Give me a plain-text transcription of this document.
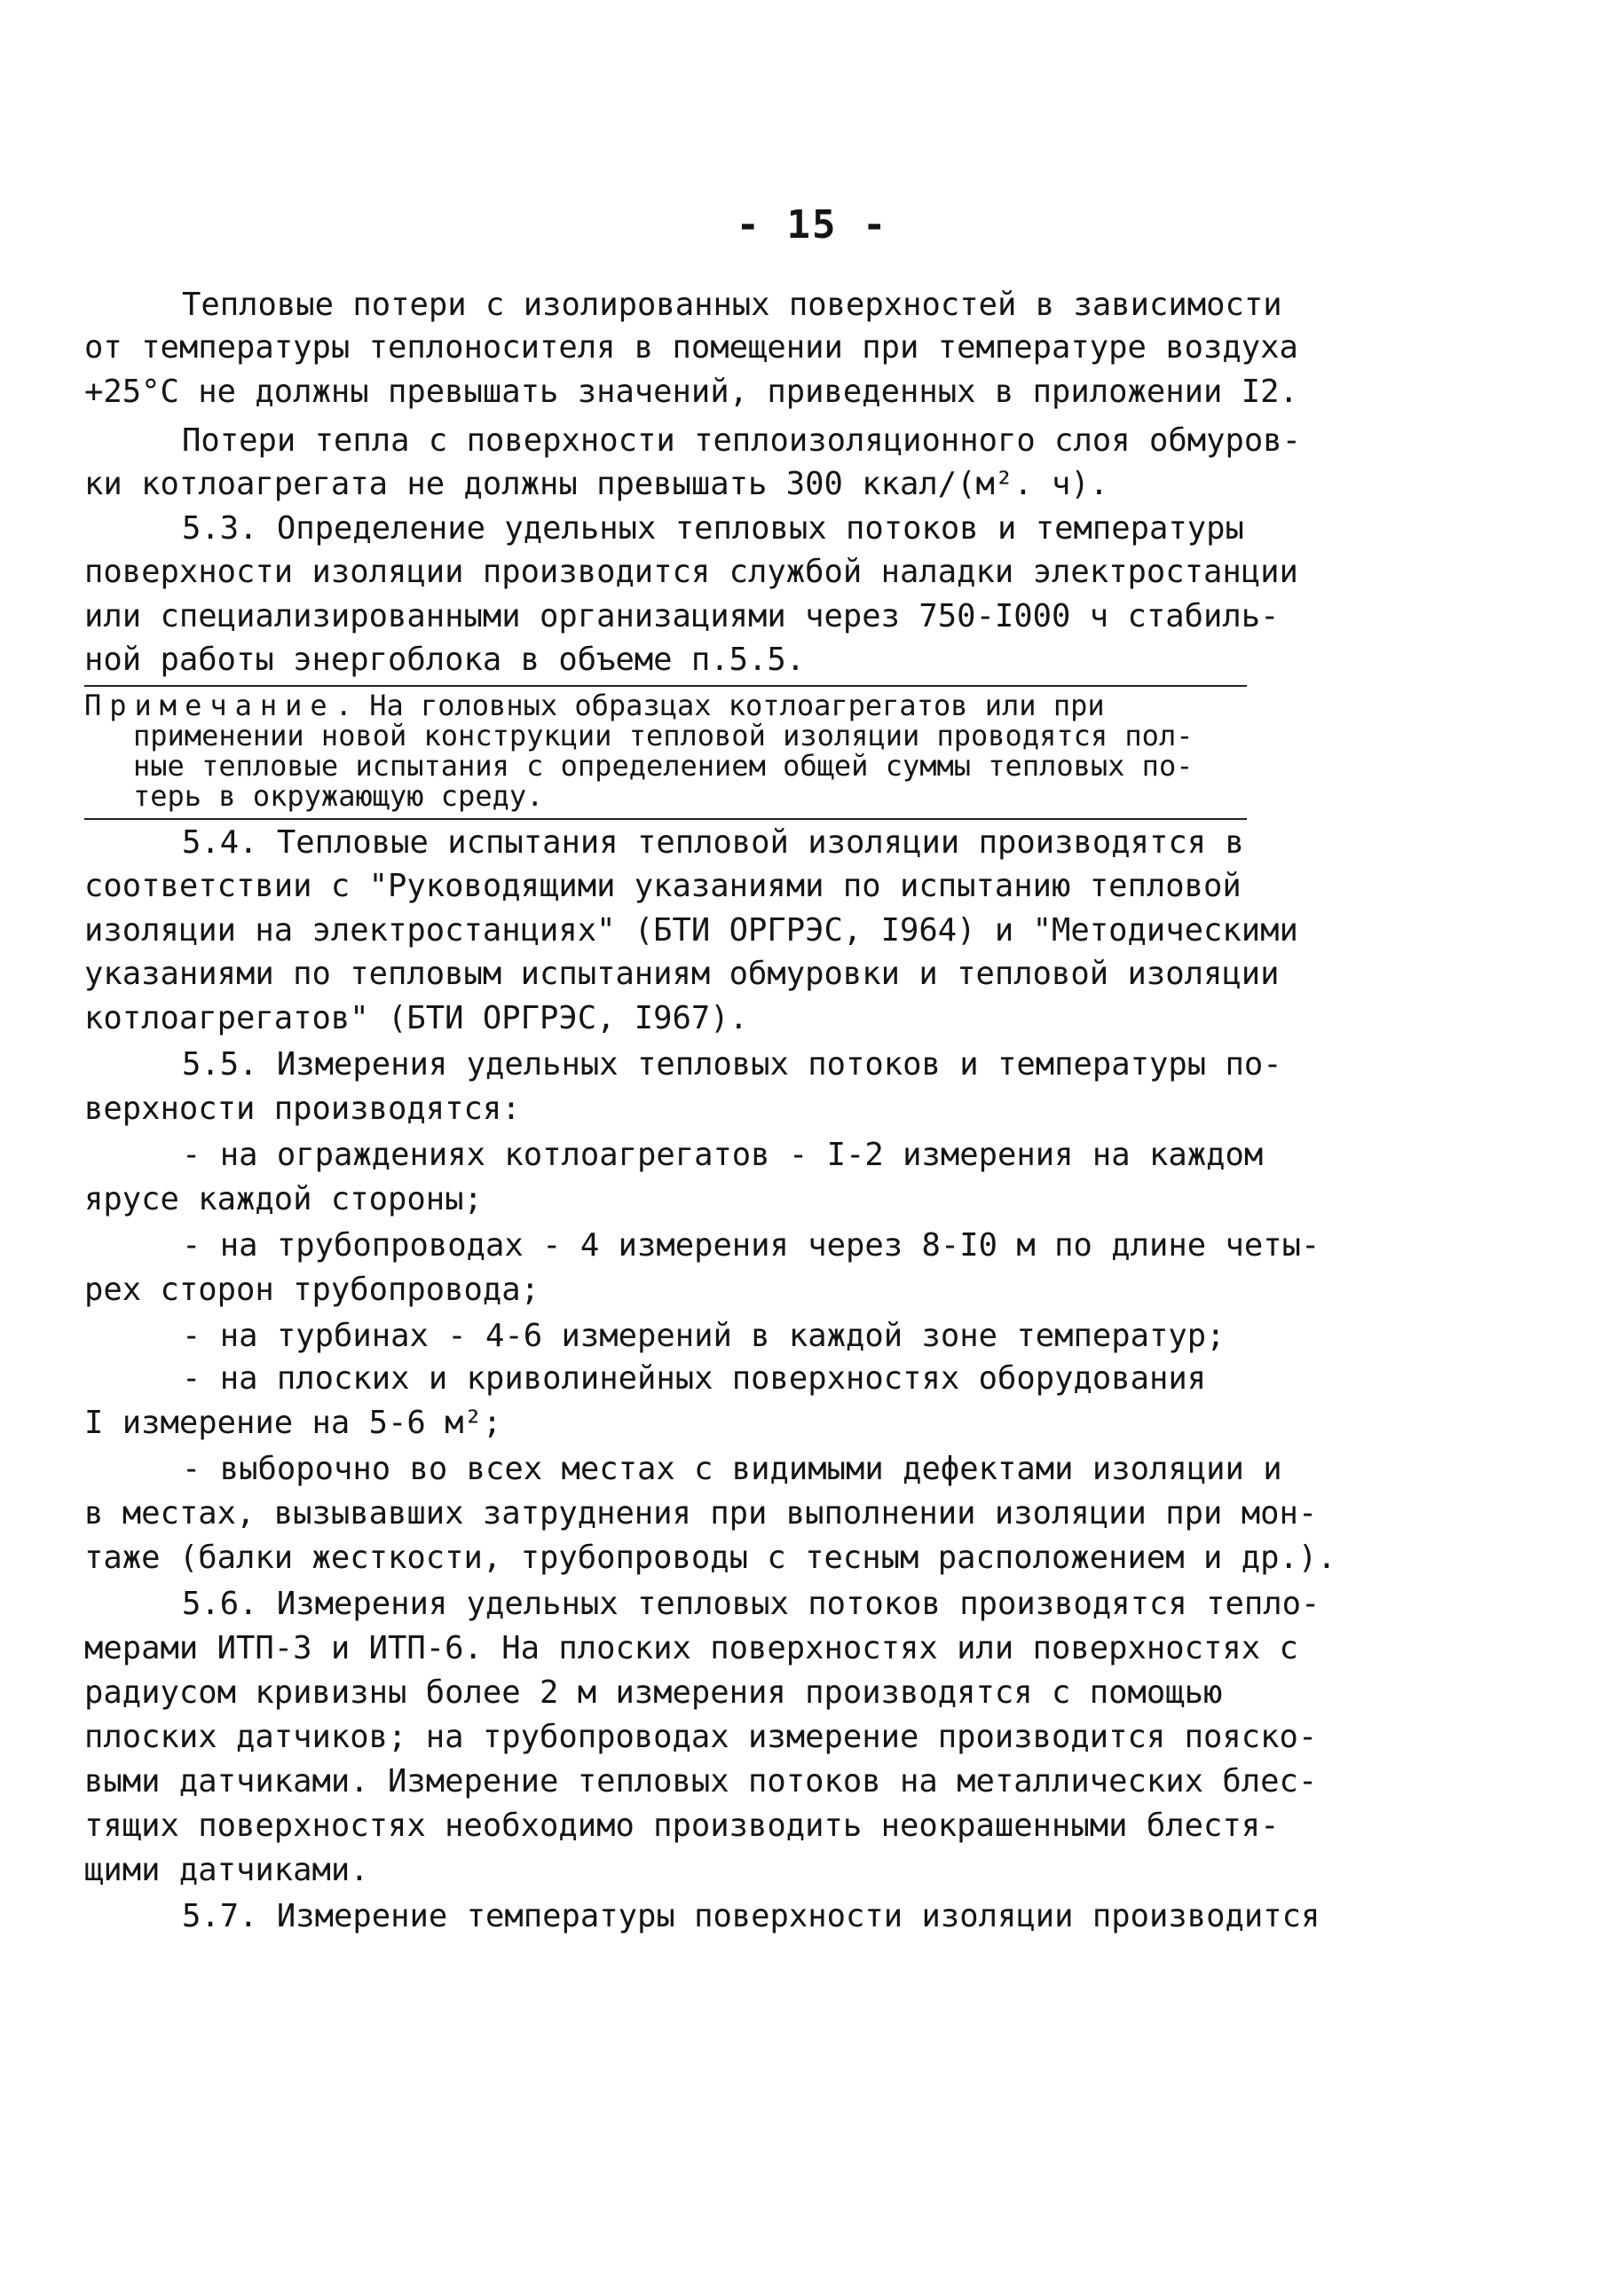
- 15 -
Тепловые потери с изолированных поверхностей в зависимости
от температуры теплоносителя в помещении при температуре воздуха
+25°С не должны превышать значений, приведенных в приложении I2.
Потери тепла с поверхности теплоизоляционного слоя обмуров-
ки котлоагрегата не должны превышать 300 ккал/(м². ч).
5.3. Определение удельных тепловых потоков и температуры
поверхности изоляции производится службой наладки электростанции
или специализированными организациями через 750-I000 ч стабиль-
ной работы энергоблока в объеме п.5.5.
Примечание. На головных образцах котлоагрегатов или при
применении новой конструкции тепловой изоляции проводятся пол-
ные тепловые испытания с определением общей суммы тепловых по-
терь в окружающую среду.
5.4. Тепловые испытания тепловой изоляции производятся в
соответствии с "Руководящими указаниями по испытанию тепловой
изоляции на электростанциях" (БТИ ОРГРЭС, I964) и "Методическими
указаниями по тепловым испытаниям обмуровки и тепловой изоляции
котлоагрегатов" (БТИ ОРГРЭС, I967).
5.5. Измерения удельных тепловых потоков и температуры по-
верхности производятся:
- на ограждениях котлоагрегатов - I-2 измерения на каждом
ярусе каждой стороны;
- на трубопроводах - 4 измерения через 8-I0 м по длине четы-
рех сторон трубопровода;
- на турбинах - 4-6 измерений в каждой зоне температур;
- на плоских и криволинейных поверхностях оборудования
I измерение на 5-6 м²;
- выборочно во всех местах с видимыми дефектами изоляции и
в местах, вызывавших затруднения при выполнении изоляции при мон-
таже (балки жесткости, трубопроводы с тесным расположением и др.).
5.6. Измерения удельных тепловых потоков производятся тепло-
мерами ИТП-3 и ИТП-6. На плоских поверхностях или поверхностях с
радиусом кривизны более 2 м измерения производятся с помощью
плоских датчиков; на трубопроводах измерение производится пояско-
выми датчиками. Измерение тепловых потоков на металлических блес-
тящих поверхностях необходимо производить неокрашенными блестя-
щими датчиками.
5.7. Измерение температуры поверхности изоляции производится
